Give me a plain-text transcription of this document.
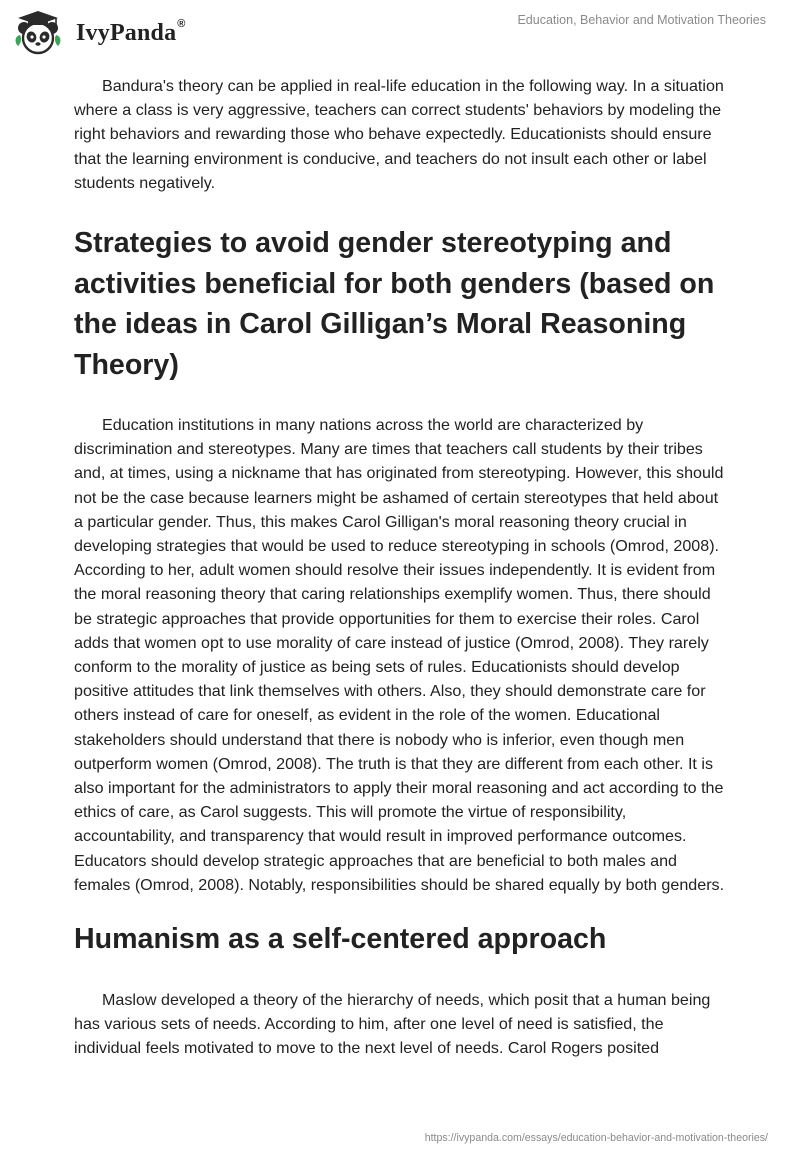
IvyPanda®	Education, Behavior and Motivation Theories

Bandura's theory can be applied in real-life education in the following way. In a situation where a class is very aggressive, teachers can correct students' behaviors by modeling the right behaviors and rewarding those who behave expectedly. Educationists should ensure that the learning environment is conducive, and teachers do not insult each other or label students negatively.

Strategies to avoid gender stereotyping and activities beneficial for both genders (based on the ideas in Carol Gilligan’s Moral Reasoning Theory)

Education institutions in many nations across the world are characterized by discrimination and stereotypes. Many are times that teachers call students by their tribes and, at times, using a nickname that has originated from stereotyping. However, this should not be the case because learners might be ashamed of certain stereotypes that held about a particular gender. Thus, this makes Carol Gilligan's moral reasoning theory crucial in developing strategies that would be used to reduce stereotyping in schools (Omrod, 2008). According to her, adult women should resolve their issues independently. It is evident from the moral reasoning theory that caring relationships exemplify women. Thus, there should be strategic approaches that provide opportunities for them to exercise their roles. Carol adds that women opt to use morality of care instead of justice (Omrod, 2008). They rarely conform to the morality of justice as being sets of rules. Educationists should develop positive attitudes that link themselves with others. Also, they should demonstrate care for others instead of care for oneself, as evident in the role of the women. Educational stakeholders should understand that there is nobody who is inferior, even though men outperform women (Omrod, 2008). The truth is that they are different from each other. It is also important for the administrators to apply their moral reasoning and act according to the ethics of care, as Carol suggests. This will promote the virtue of responsibility, accountability, and transparency that would result in improved performance outcomes. Educators should develop strategic approaches that are beneficial to both males and females (Omrod, 2008). Notably, responsibilities should be shared equally by both genders.

Humanism as a self-centered approach

Maslow developed a theory of the hierarchy of needs, which posit that a human being has various sets of needs. According to him, after one level of need is satisfied, the individual feels motivated to move to the next level of needs. Carol Rogers posited

https://ivypanda.com/essays/education-behavior-and-motivation-theories/
